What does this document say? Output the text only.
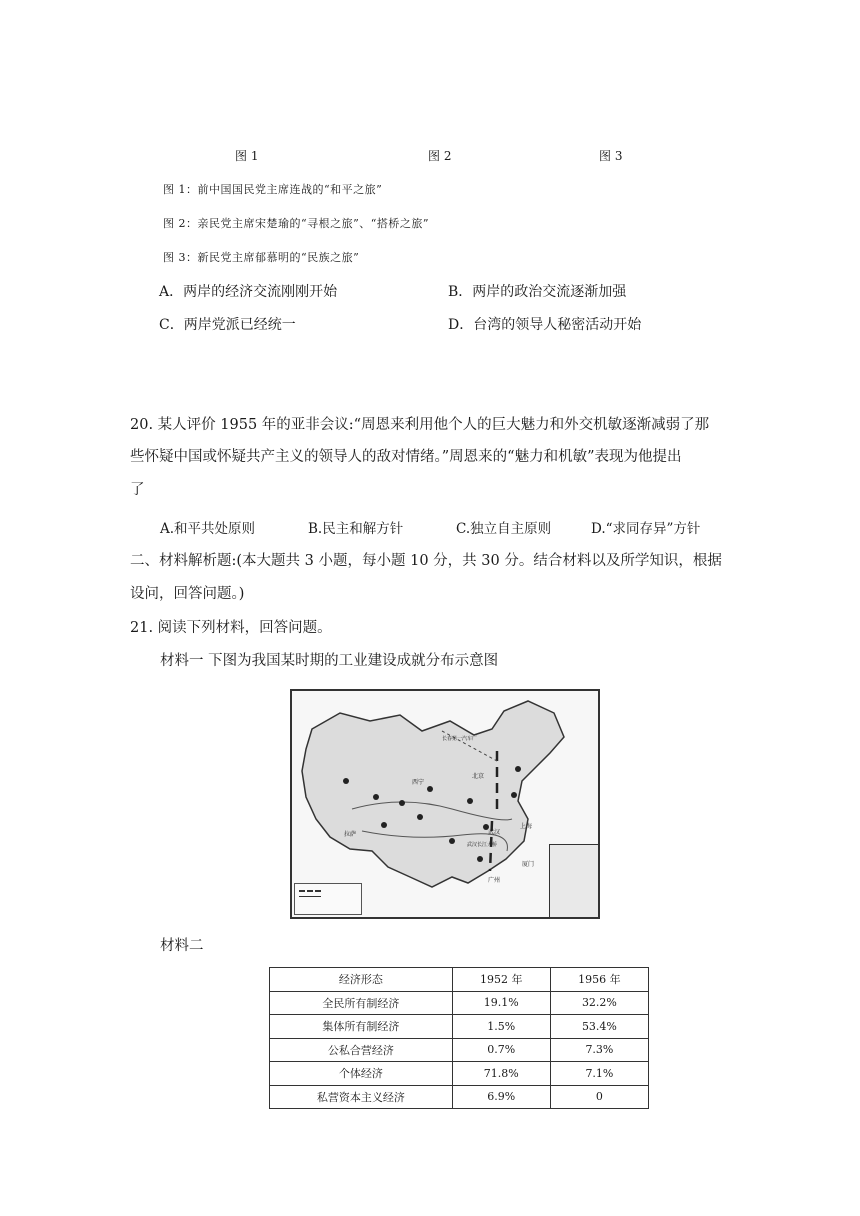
图 1	图 2	图 3
图 1：前中国国民党主席连战的“和平之旅”
图 2：亲民党主席宋楚瑜的“寻根之旅”、“搭桥之旅”
图 3：新民党主席郁慕明的“民族之旅”
A．两岸的经济交流刚刚开始	B．两岸的政治交流逐渐加强
C．两岸党派已经统一	D．台湾的领导人秘密活动开始
20. 某人评价 1955 年的亚非会议:“周恩来利用他个人的巨大魅力和外交机敏逐渐减弱了那
些怀疑中国或怀疑共产主义的领导人的敌对情绪。”周恩来的“魅力和机敏”表现为他提出
了
A.和平共处原则	B.民主和解方针	C.独立自主原则	D.“求同存异”方针
二、材料解析题:(本大题共 3 小题，每小题 10 分，共 30 分。结合材料以及所学知识，根据
设问，回答问题。)
21. 阅读下列材料，回答问题。
材料一 下图为我国某时期的工业建设成就分布示意图
长春第一汽车厂
北京
上海
武汉
武汉长江大桥
西宁
拉萨
厦门
广州
材料二
经济形态	1952 年	1956 年
全民所有制经济	19.1%	32.2%
集体所有制经济	1.5%	53.4%
公私合营经济	0.7%	7.3%
个体经济	71.8%	7.1%
私营资本主义经济	6.9%	0
